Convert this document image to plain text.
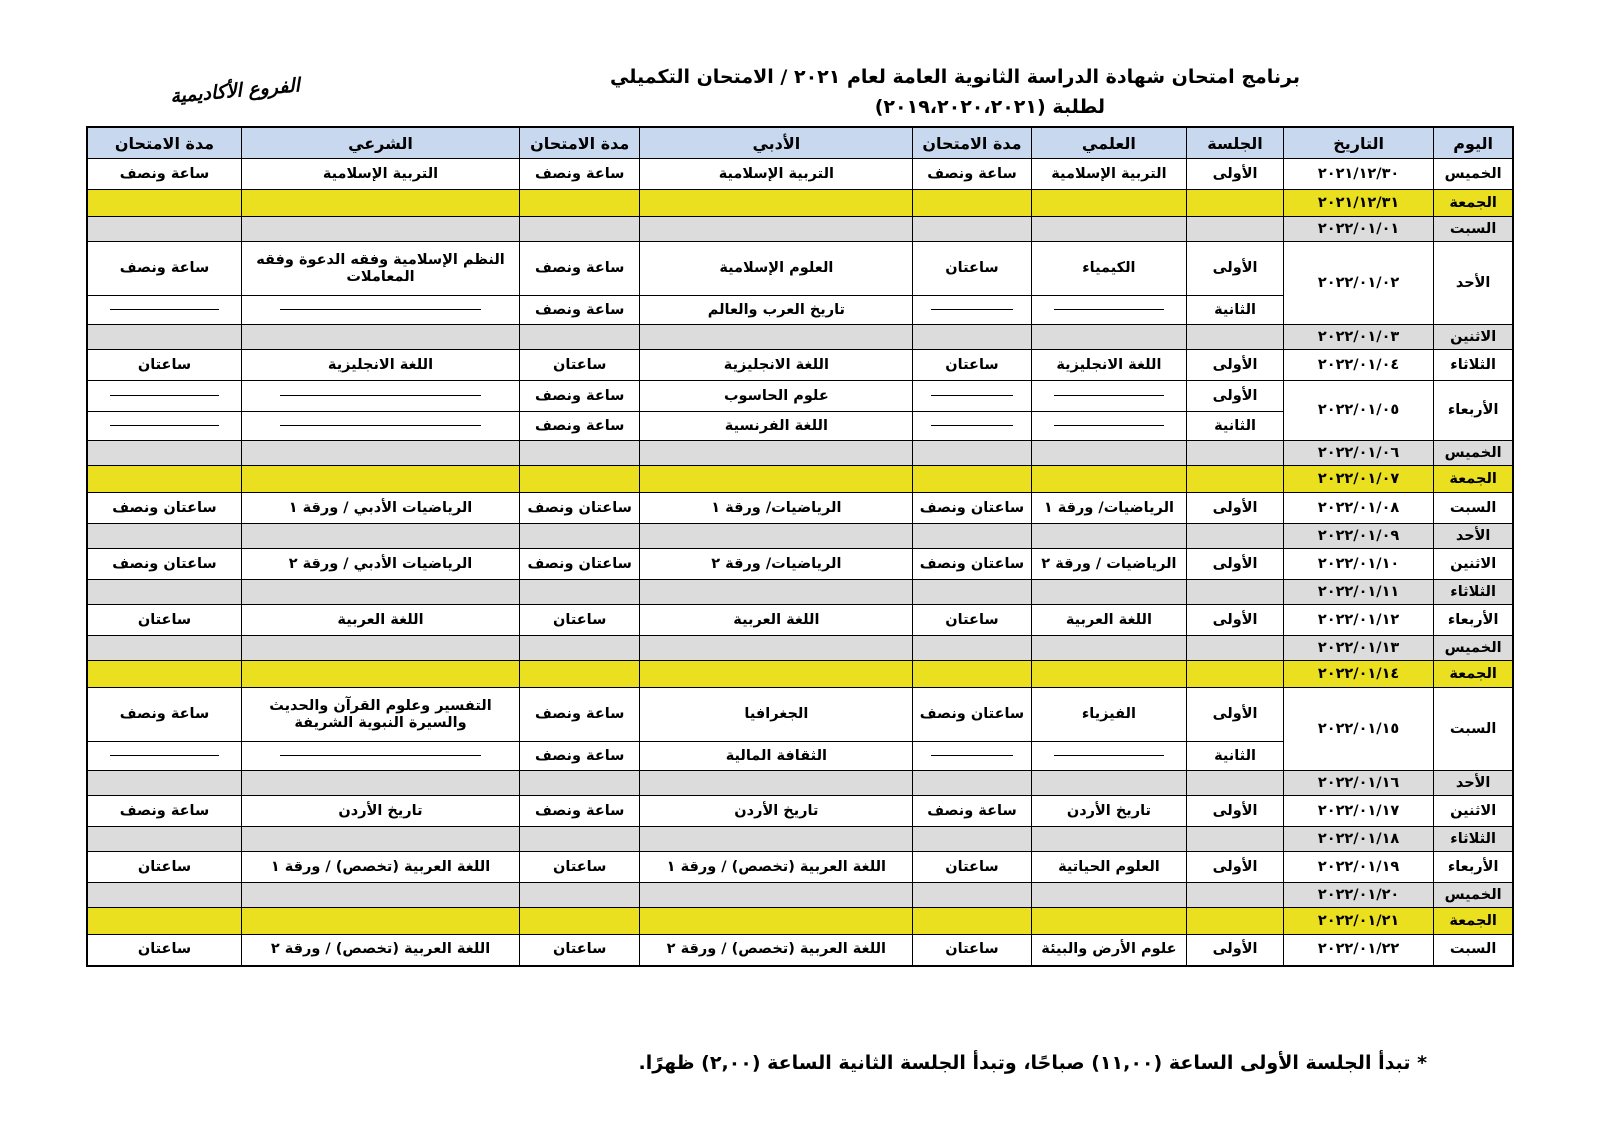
برنامج امتحان شهادة الدراسة الثانوية العامة لعام ٢٠٢١ / الامتحان التكميلي
لطلبة (٢٠١٩،٢٠٢٠،٢٠٢١)
الفروع الأكاديمية
اليوم	التاريخ	الجلسة	العلمي	مدة الامتحان	الأدبي	مدة الامتحان	الشرعي	مدة الامتحان
الخميس	٢٠٢١/١٢/٣٠	الأولى	التربية الإسلامية	ساعة ونصف	التربية الإسلامية	ساعة ونصف	التربية الإسلامية	ساعة ونصف
الجمعة	٢٠٢١/١٢/٣١							
السبت	٢٠٢٢/٠١/٠١							
الأحد	٢٠٢٢/٠١/٠٢	الأولى	الكيمياء	ساعتان	العلوم الإسلامية	ساعة ونصف	النظم الإسلامية وفقه الدعوة وفقه المعاملات	ساعة ونصف
		الثانية			تاريخ العرب والعالم	ساعة ونصف		
الاثنين	٢٠٢٢/٠١/٠٣							
الثلاثاء	٢٠٢٢/٠١/٠٤	الأولى	اللغة الانجليزية	ساعتان	اللغة الانجليزية	ساعتان	اللغة الانجليزية	ساعتان
الأربعاء	٢٠٢٢/٠١/٠٥	الأولى			علوم الحاسوب	ساعة ونصف		
		الثانية			اللغة الفرنسية	ساعة ونصف		
الخميس	٢٠٢٢/٠١/٠٦							
الجمعة	٢٠٢٢/٠١/٠٧							
السبت	٢٠٢٢/٠١/٠٨	الأولى	الرياضيات/ ورقة ١	ساعتان ونصف	الرياضيات/ ورقة ١	ساعتان ونصف	الرياضيات الأدبي / ورقة ١	ساعتان ونصف
الأحد	٢٠٢٢/٠١/٠٩							
الاثنين	٢٠٢٢/٠١/١٠	الأولى	الرياضيات / ورقة ٢	ساعتان ونصف	الرياضيات/ ورقة ٢	ساعتان ونصف	الرياضيات الأدبي / ورقة ٢	ساعتان ونصف
الثلاثاء	٢٠٢٢/٠١/١١							
الأربعاء	٢٠٢٢/٠١/١٢	الأولى	اللغة العربية	ساعتان	اللغة العربية	ساعتان	اللغة العربية	ساعتان
الخميس	٢٠٢٢/٠١/١٣							
الجمعة	٢٠٢٢/٠١/١٤							
السبت	٢٠٢٢/٠١/١٥	الأولى	الفيزياء	ساعتان ونصف	الجغرافيا	ساعة ونصف	التفسير وعلوم القرآن والحديث والسيرة النبوية الشريفة	ساعة ونصف
		الثانية			الثقافة المالية	ساعة ونصف		
الأحد	٢٠٢٢/٠١/١٦							
الاثنين	٢٠٢٢/٠١/١٧	الأولى	تاريخ الأردن	ساعة ونصف	تاريخ الأردن	ساعة ونصف	تاريخ الأردن	ساعة ونصف
الثلاثاء	٢٠٢٢/٠١/١٨							
الأربعاء	٢٠٢٢/٠١/١٩	الأولى	العلوم الحياتية	ساعتان	اللغة العربية (تخصص) / ورقة ١	ساعتان	اللغة العربية (تخصص) / ورقة ١	ساعتان
الخميس	٢٠٢٢/٠١/٢٠							
الجمعة	٢٠٢٢/٠١/٢١							
السبت	٢٠٢٢/٠١/٢٢	الأولى	علوم الأرض والبيئة	ساعتان	اللغة العربية (تخصص) / ورقة ٢	ساعتان	اللغة العربية (تخصص) / ورقة ٢	ساعتان
* تبدأ الجلسة الأولى الساعة (١١,٠٠) صباحًا، وتبدأ الجلسة الثانية الساعة (٢,٠٠) ظهرًا.
